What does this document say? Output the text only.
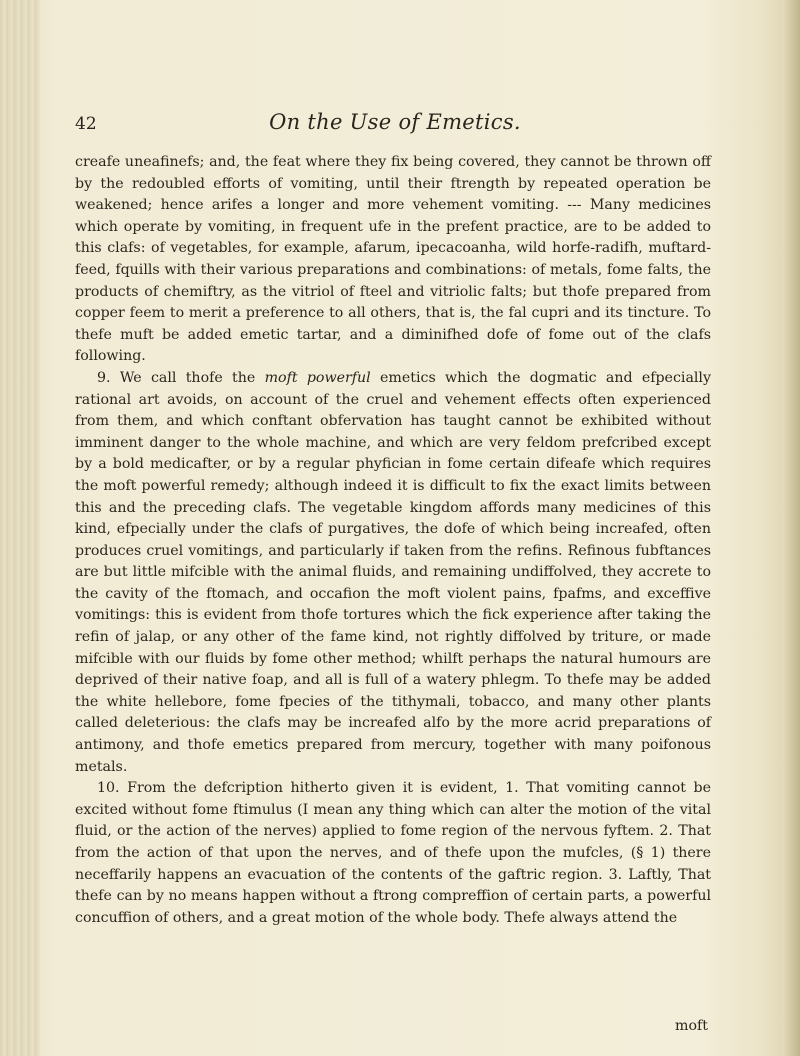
42	On the Use of Emetics.

creafe uneafinefs; and, the feat where they fix being covered, they cannot be thrown off by the redoubled efforts of vomiting, until their ftrength by repeated operation be weakened; hence arifes a longer and more vehement vomiting. --- Many medicines which operate by vomiting, in frequent ufe in the prefent practice, are to be added to this clafs: of vegetables, for example, afarum, ipecacoanha, wild horfe-radifh, muftard-feed, fquills with their various preparations and combinations: of metals, fome falts, the products of chemiftry, as the vitriol of fteel and vitriolic falts; but thofe prepared from copper feem to merit a preference to all others, that is, the fal cupri and its tincture. To thefe muft be added emetic tartar, and a diminifhed dofe of fome out of the clafs following.

9. We call thofe the moft powerful emetics which the dogmatic and efpecially rational art avoids, on account of the cruel and vehement effects often experienced from them, and which conftant obfervation has taught cannot be exhibited without imminent danger to the whole machine, and which are very feldom prefcribed except by a bold medicafter, or by a regular phyfician in fome certain difeafe which requires the moft powerful remedy; although indeed it is difficult to fix the exact limits between this and the preceding clafs. The vegetable kingdom affords many medicines of this kind, efpecially under the clafs of purgatives, the dofe of which being increafed, often produces cruel vomitings, and particularly if taken from the refins. Refinous fubftances are but little mifcible with the animal fluids, and remaining undiffolved, they accrete to the cavity of the ftomach, and occafion the moft violent pains, fpafms, and exceffive vomitings: this is evident from thofe tortures which the fick experience after taking the refin of jalap, or any other of the fame kind, not rightly diffolved by triture, or made mifcible with our fluids by fome other method; whilft perhaps the natural humours are deprived of their native foap, and all is full of a watery phlegm. To thefe may be added the white hellebore, fome fpecies of the tithymali, tobacco, and many other plants called deleterious: the clafs may be increafed alfo by the more acrid preparations of antimony, and thofe emetics prepared from mercury, together with many poifonous metals.

10. From the defcription hitherto given it is evident, 1. That vomiting cannot be excited without fome ftimulus (I mean any thing which can alter the motion of the vital fluid, or the action of the nerves) applied to fome region of the nervous fyftem. 2. That from the action of that upon the nerves, and of thefe upon the mufcles, (§ 1) there neceffarily happens an evacuation of the contents of the gaftric region. 3. Laftly, That thefe can by no means happen without a ftrong compreffion of certain parts, a powerful concuffion of others, and a great motion of the whole body. Thefe always attend the

moft
